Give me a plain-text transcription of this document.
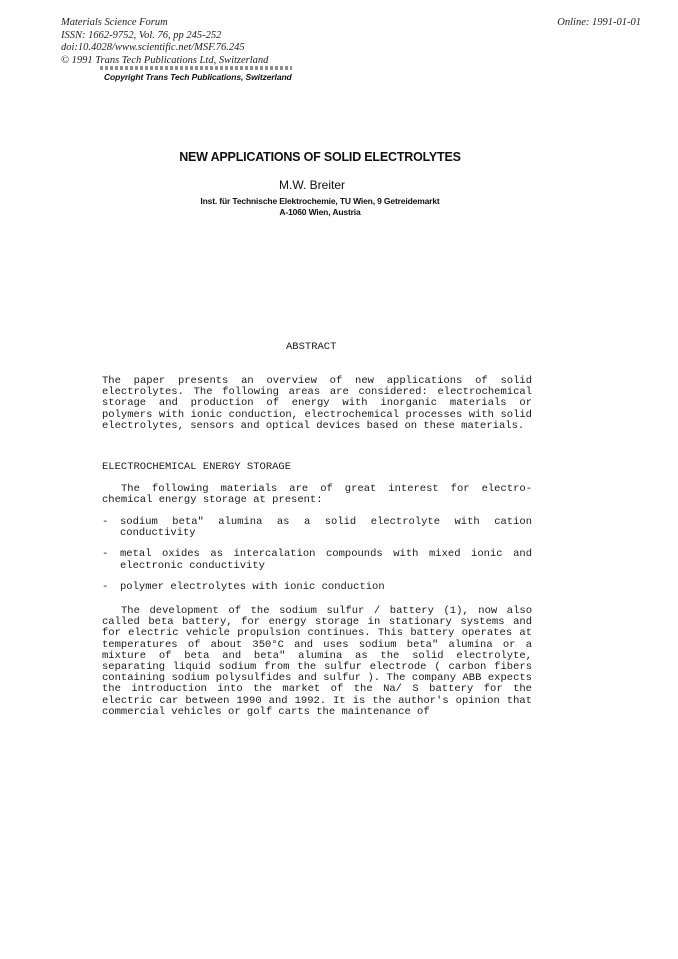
Materials Science Forum
ISSN: 1662-9752, Vol. 76, pp 245-252
doi:10.4028/www.scientific.net/MSF.76.245
© 1991 Trans Tech Publications Ltd, Switzerland
Online: 1991-01-01
Copyright Trans Tech Publications, Switzerland
NEW APPLICATIONS OF SOLID ELECTROLYTES
M.W. Breiter
Inst. für Technische Elektrochemie, TU Wien, 9 Getreidemarkt
A-1060 Wien, Austria
ABSTRACT
The paper presents an overview of new applications of solid electrolytes. The following areas are considered: electrochemical storage and production of energy with inorganic materials or polymers with ionic conduction, electrochemical processes with solid electrolytes, sensors and optical devices based on these materials.
ELECTROCHEMICAL ENERGY STORAGE
The following materials are of great interest for electro-chemical energy storage at present:
- sodium beta" alumina as a solid electrolyte with cation conductivity
- metal oxides as intercalation compounds with mixed ionic and electronic conductivity
- polymer electrolytes with ionic conduction
The development of the sodium sulfur / battery (1), now also called beta battery, for energy storage in stationary systems and for electric vehicle propulsion continues. This battery operates at temperatures of about 350°C and uses sodium beta" alumina or a mixture of beta and beta" alumina as the solid electrolyte, separating liquid sodium from the sulfur electrode ( carbon fibers containing sodium polysulfides and sulfur ). The company ABB expects the introduction into the market of the Na/ S battery for the electric car between 1990 and 1992. It is the author's opinion that commercial vehicles or golf carts the maintenance of
